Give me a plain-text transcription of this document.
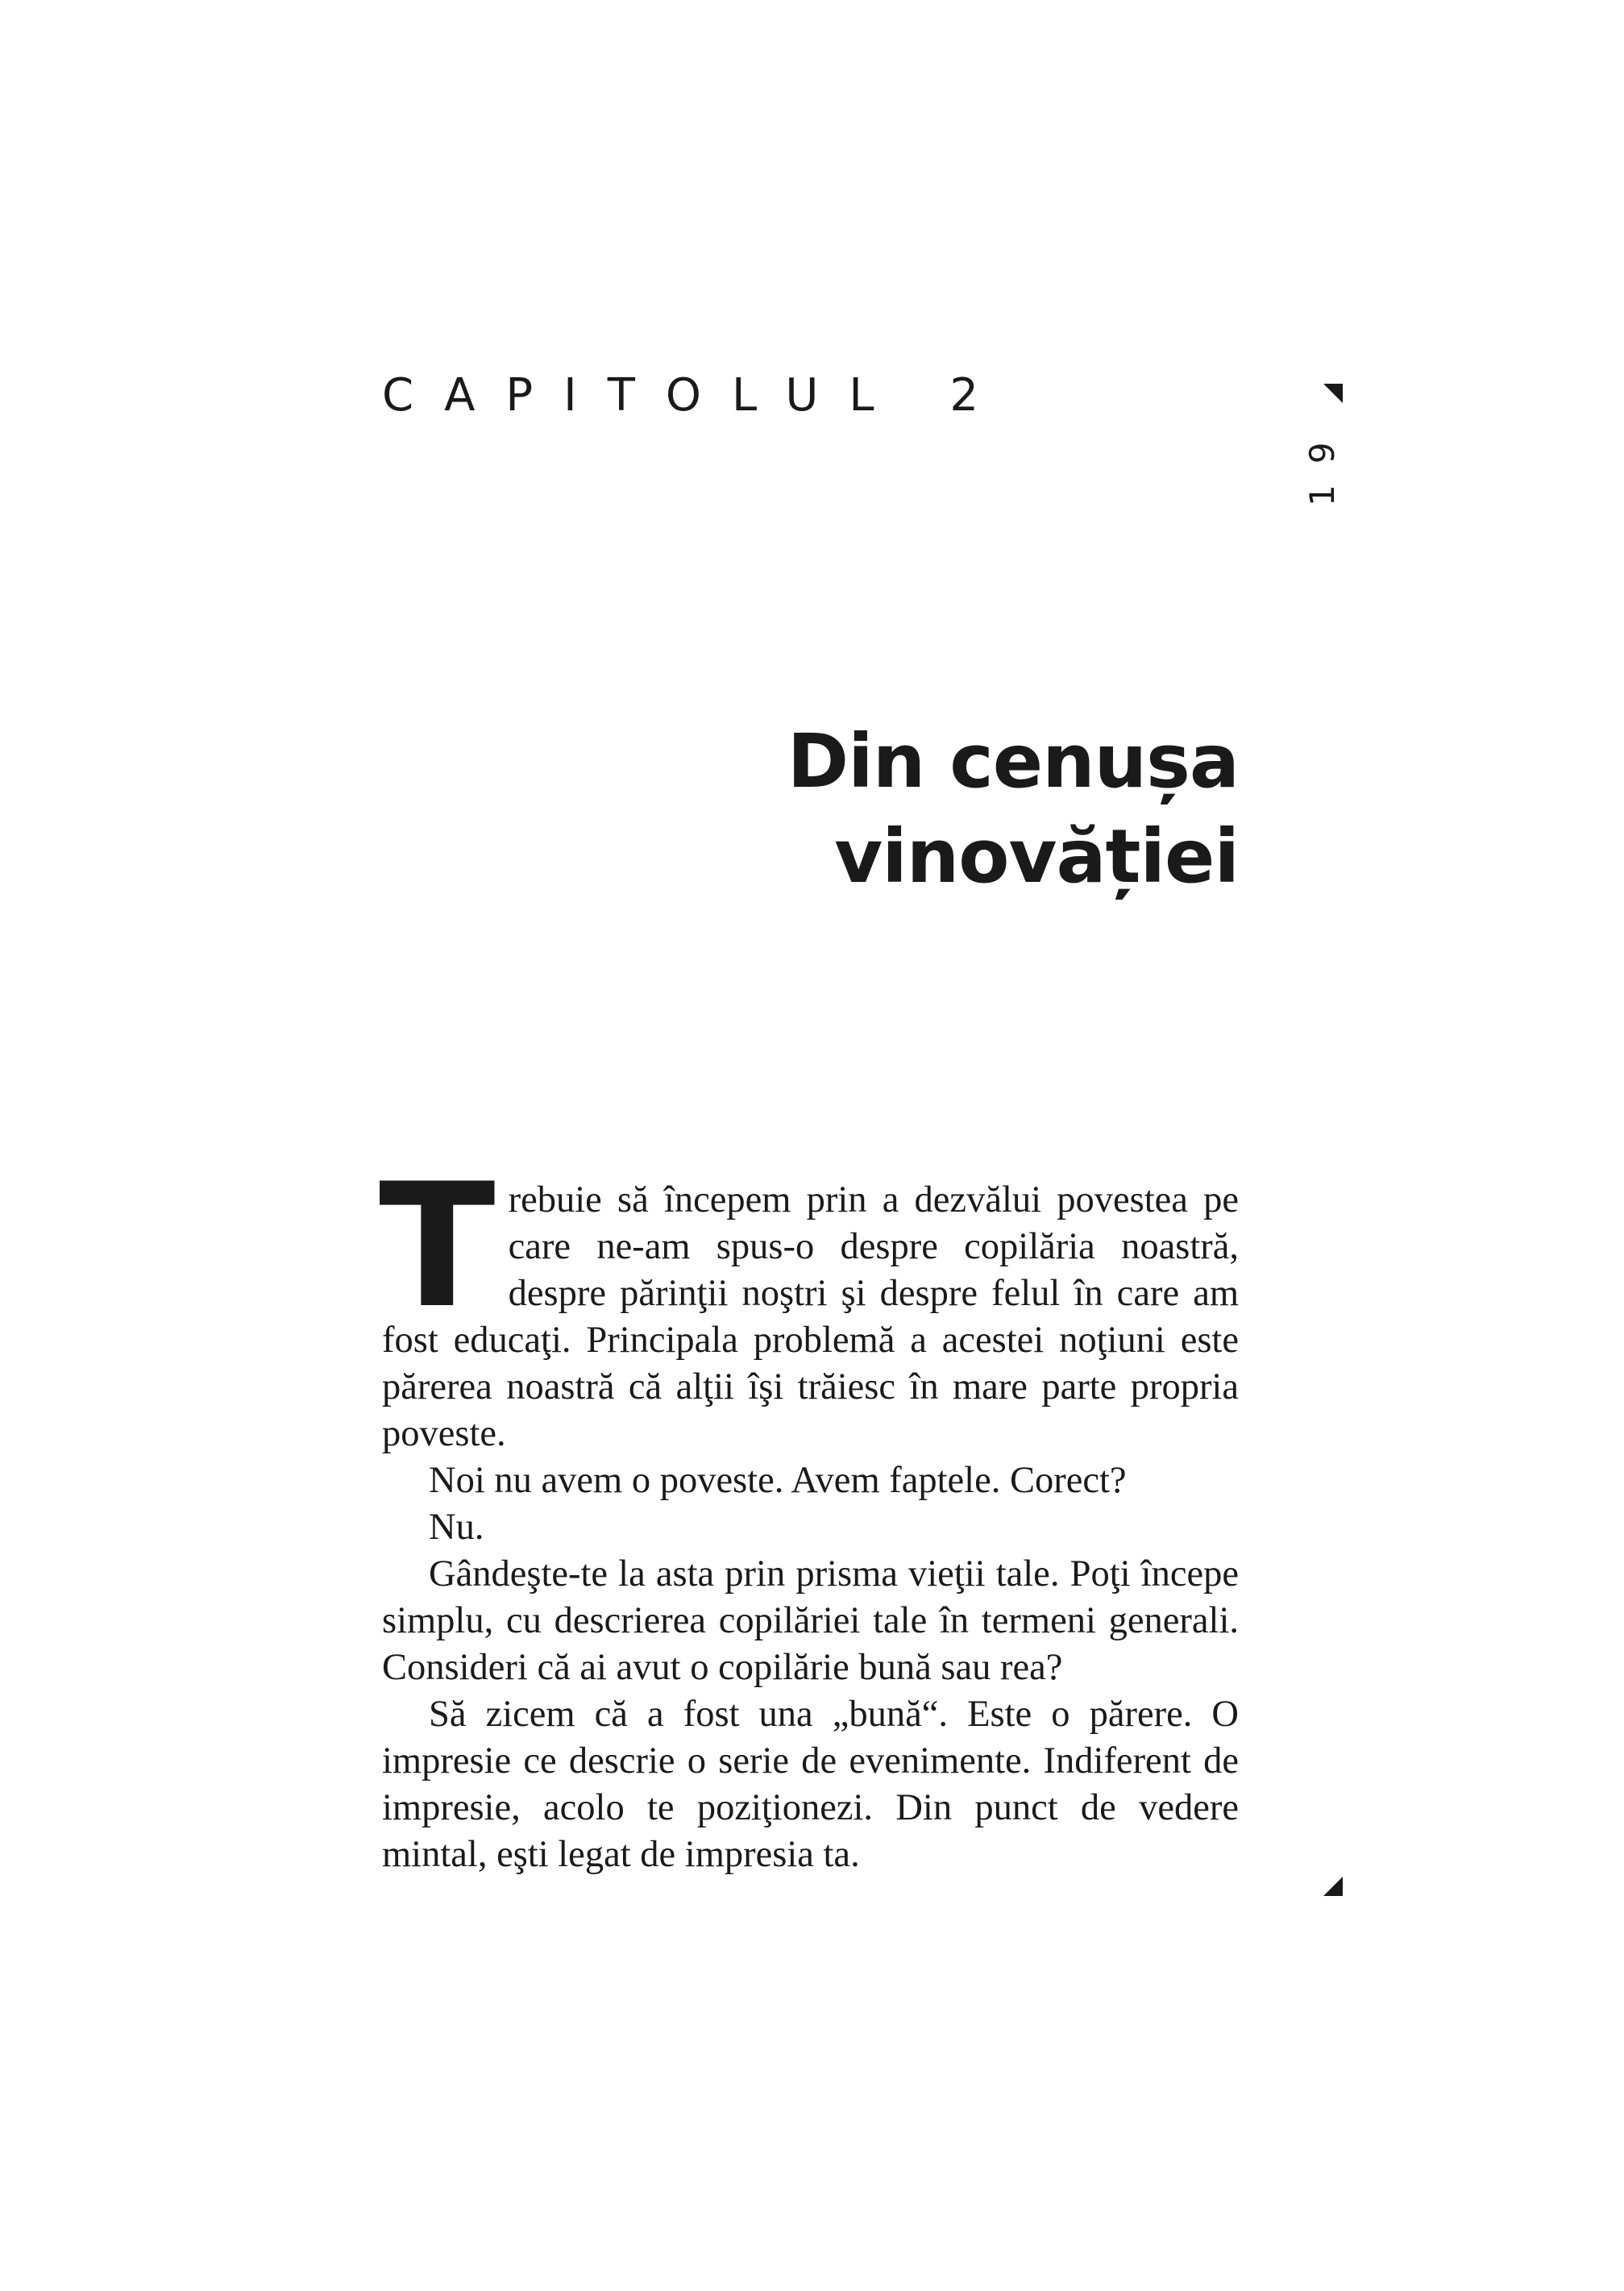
CAPITOLUL 2
19
Din cenușa
vinovăției

Trebuie să începem prin a dezvălui povestea pe care ne-am spus-o despre copilăria noastră, despre părinţii noştri şi despre felul în care am fost educaţi. Principala problemă a acestei noţiuni este părerea noastră că alţii îşi trăiesc în mare parte propria poveste.

Noi nu avem o poveste. Avem faptele. Corect?

Nu.

Gândeşte-te la asta prin prisma vieţii tale. Poţi începe simplu, cu descrierea copilăriei tale în termeni generali. Consideri că ai avut o copilărie bună sau rea?

Să zicem că a fost una „bună“. Este o părere. O impresie ce descrie o serie de evenimente. Indiferent de impresie, acolo te poziţionezi. Din punct de vedere mintal, eşti legat de impresia ta.
